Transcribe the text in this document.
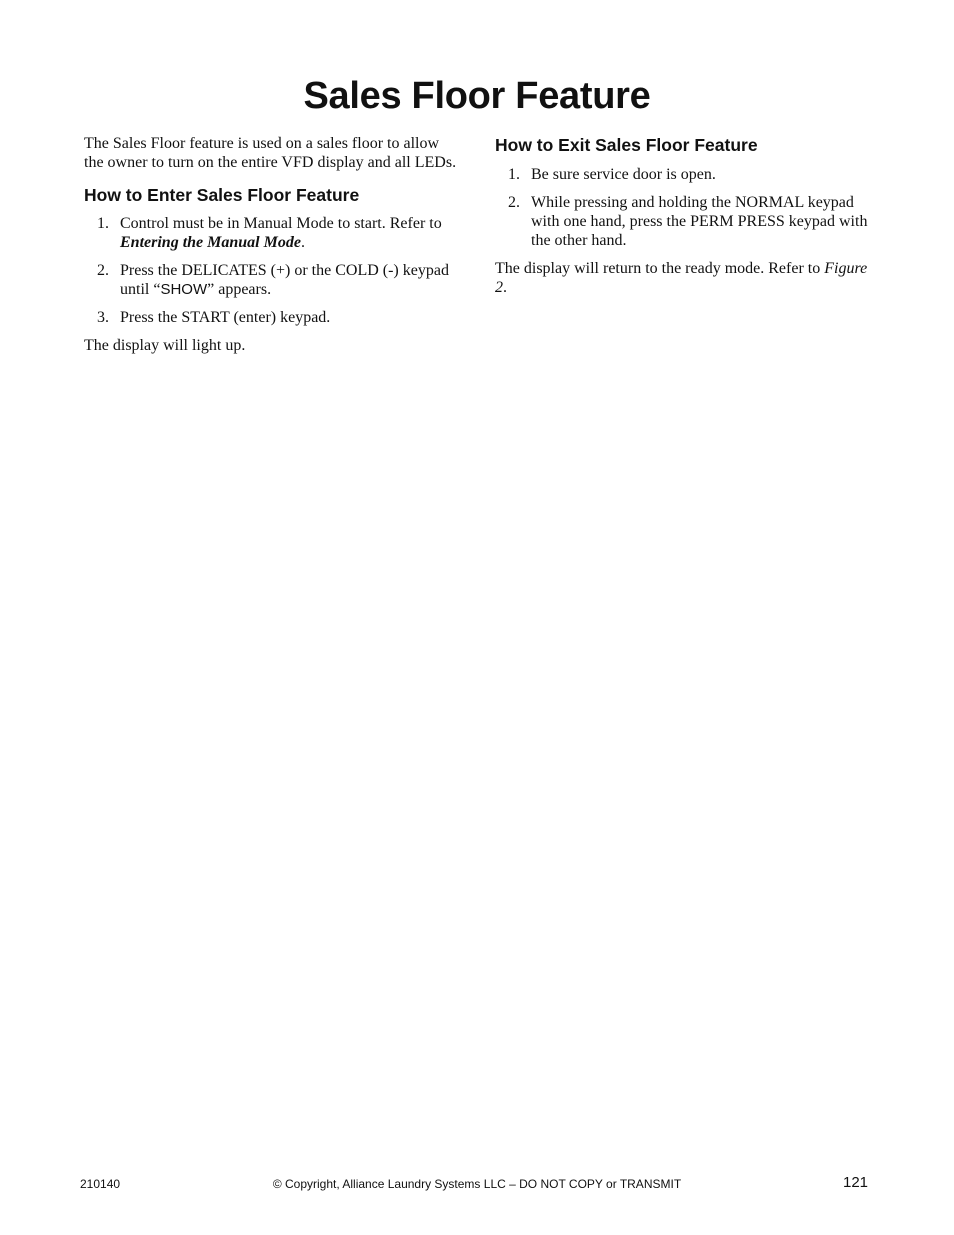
Sales Floor Feature

The Sales Floor feature is used on a sales floor to allow the owner to turn on the entire VFD display and all LEDs.

How to Enter Sales Floor Feature
1. Control must be in Manual Mode to start. Refer to Entering the Manual Mode.
2. Press the DELICATES (+) or the COLD (-) keypad until “SHOW” appears.
3. Press the START (enter) keypad.

The display will light up.

How to Exit Sales Floor Feature
1. Be sure service door is open.
2. While pressing and holding the NORMAL keypad with one hand, press the PERM PRESS keypad with the other hand.

The display will return to the ready mode. Refer to Figure 2.

210140	© Copyright, Alliance Laundry Systems LLC – DO NOT COPY or TRANSMIT	121
